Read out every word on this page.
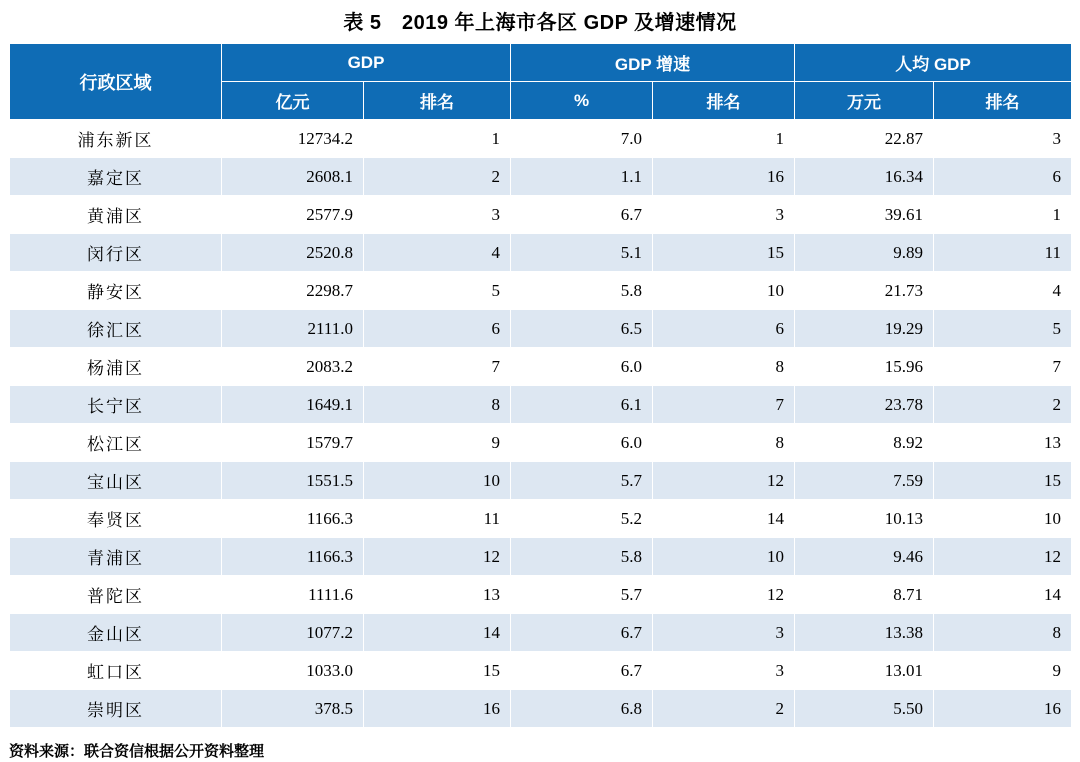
表 5　2019 年上海市各区 GDP 及增速情况
行政区域	GDP		GDP 增速		人均 GDP	
	亿元	排名	%	排名	万元	排名
浦东新区	12734.2	1	7.0	1	22.87	3
嘉定区	2608.1	2	1.1	16	16.34	6
黄浦区	2577.9	3	6.7	3	39.61	1
闵行区	2520.8	4	5.1	15	9.89	11
静安区	2298.7	5	5.8	10	21.73	4
徐汇区	2111.0	6	6.5	6	19.29	5
杨浦区	2083.2	7	6.0	8	15.96	7
长宁区	1649.1	8	6.1	7	23.78	2
松江区	1579.7	9	6.0	8	8.92	13
宝山区	1551.5	10	5.7	12	7.59	15
奉贤区	1166.3	11	5.2	14	10.13	10
青浦区	1166.3	12	5.8	10	9.46	12
普陀区	1111.6	13	5.7	12	8.71	14
金山区	1077.2	14	6.7	3	13.38	8
虹口区	1033.0	15	6.7	3	13.01	9
崇明区	378.5	16	6.8	2	5.50	16
资料来源：联合资信根据公开资料整理
